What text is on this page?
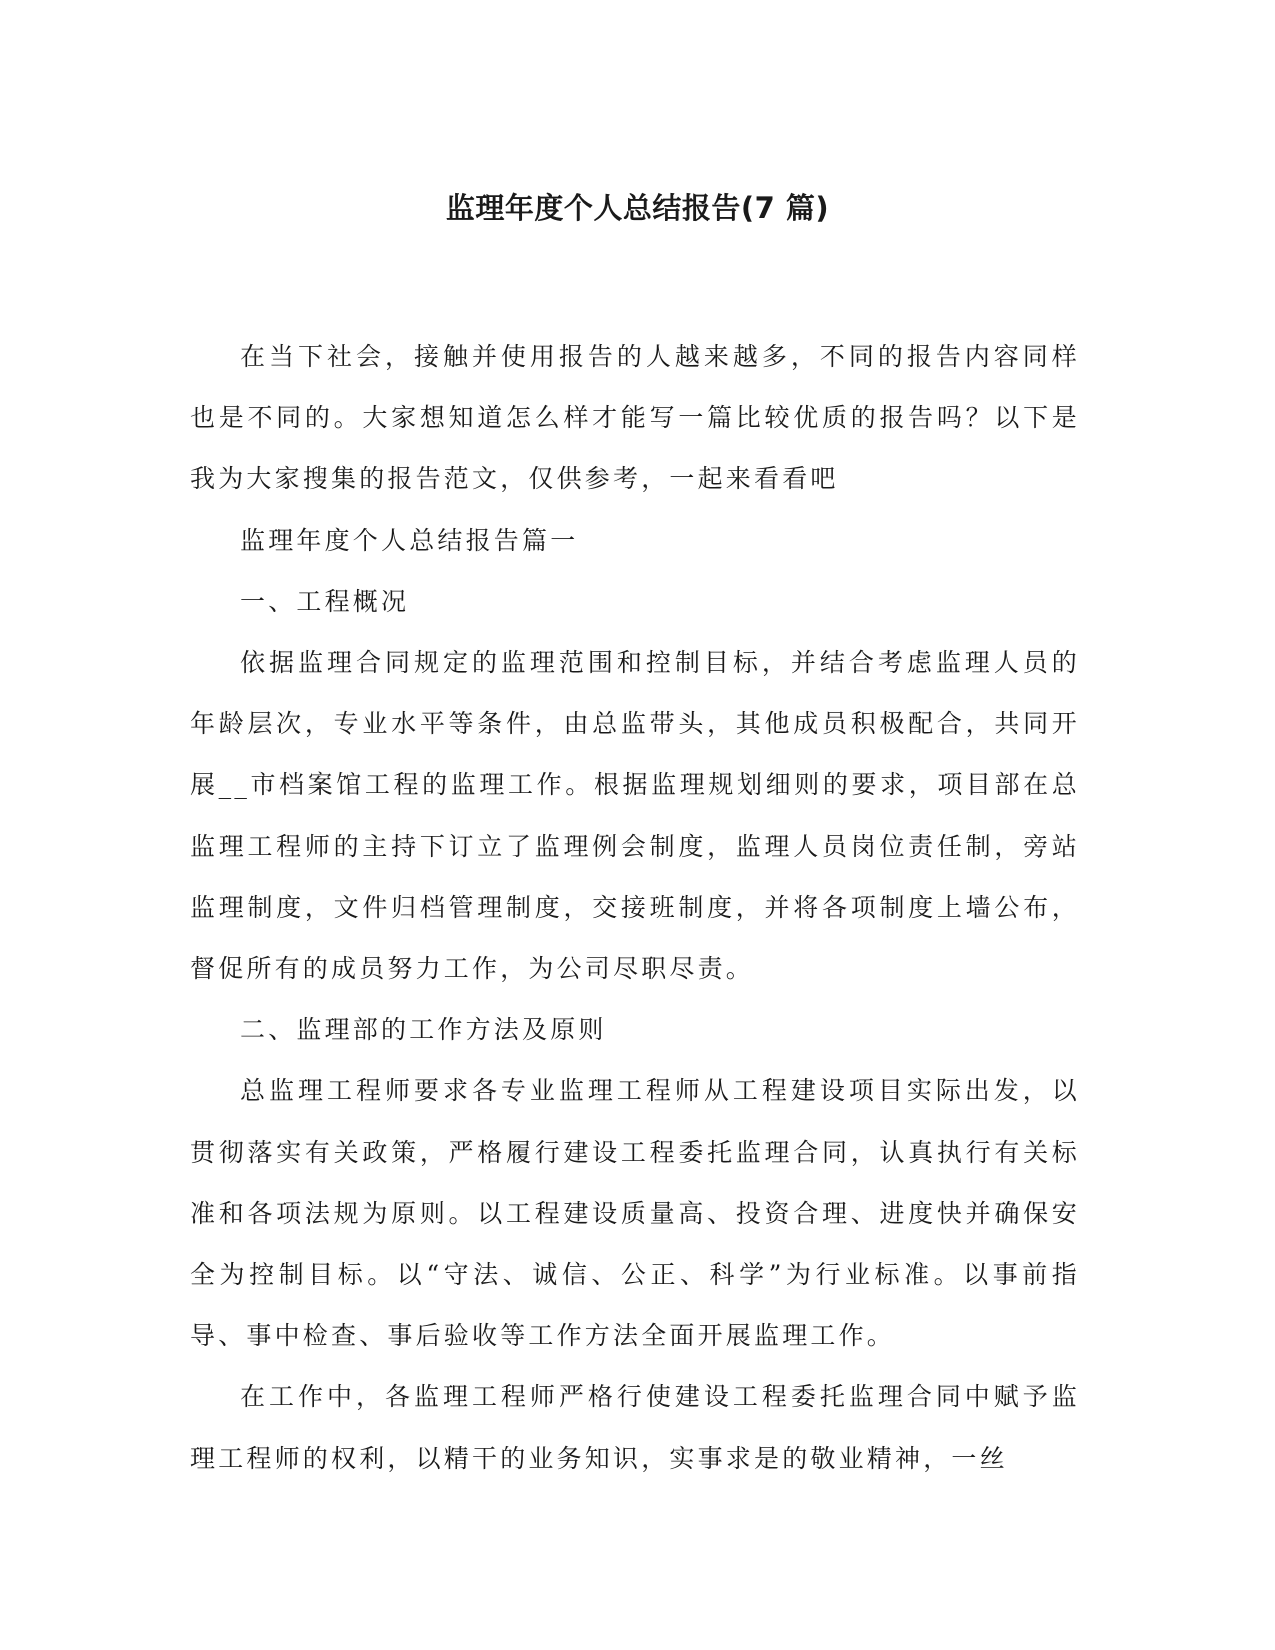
监理年度个人总结报告(7 篇)

在当下社会，接触并使用报告的人越来越多，不同的报告内容同样也是不同的。大家想知道怎么样才能写一篇比较优质的报告吗？以下是我为大家搜集的报告范文，仅供参考，一起来看看吧

监理年度个人总结报告篇一

一、工程概况

依据监理合同规定的监理范围和控制目标，并结合考虑监理人员的年龄层次，专业水平等条件，由总监带头，其他成员积极配合，共同开展__市档案馆工程的监理工作。根据监理规划细则的要求，项目部在总监理工程师的主持下订立了监理例会制度，监理人员岗位责任制，旁站监理制度，文件归档管理制度，交接班制度，并将各项制度上墙公布，督促所有的成员努力工作，为公司尽职尽责。

二、监理部的工作方法及原则

总监理工程师要求各专业监理工程师从工程建设项目实际出发，以贯彻落实有关政策，严格履行建设工程委托监理合同，认真执行有关标准和各项法规为原则。以工程建设质量高、投资合理、进度快并确保安全为控制目标。以“守法、诚信、公正、科学”为行业标准。以事前指导、事中检查、事后验收等工作方法全面开展监理工作。

在工作中，各监理工程师严格行使建设工程委托监理合同中赋予监理工程师的权利，以精干的业务知识，实事求是的敬业精神，一丝
